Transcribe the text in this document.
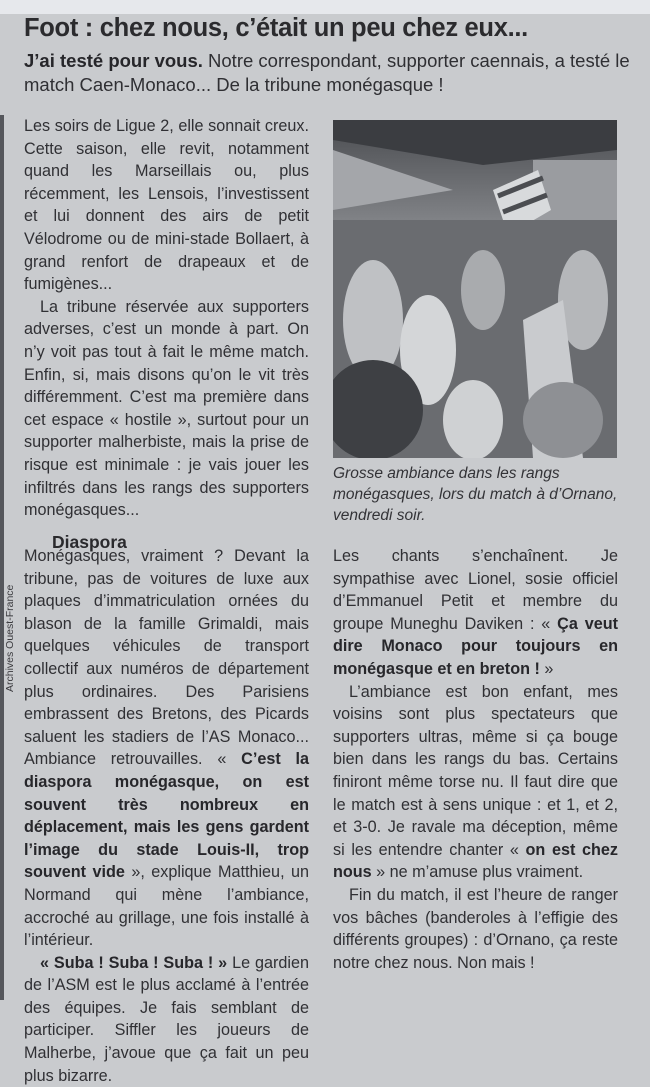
Foot : chez nous, c’était un peu chez eux...
J’ai testé pour vous. Notre correspondant, supporter caennais, a testé le match Caen-Monaco... De la tribune monégasque !

Les soirs de Ligue 2, elle sonnait creux. Cette saison, elle revit, notamment quand les Marseillais ou, plus récemment, les Lensois, l’investissent et lui donnent des airs de petit Vélodrome ou de mini-stade Bollaert, à grand renfort de drapeaux et de fumigènes...

La tribune réservée aux supporters adverses, c’est un monde à part. On n’y voit pas tout à fait le même match. Enfin, si, mais disons qu’on le vit très différemment. C’est ma première dans cet espace « hostile », surtout pour un supporter malherbiste, mais la prise de risque est minimale : je vais jouer les infiltrés dans les rangs des supporters monégasques...

Diaspora

Grosse ambiance dans les rangs monégasques, lors du match à d’Ornano, vendredi soir.
Archives Ouest-France

Monégasques, vraiment ? Devant la tribune, pas de voitures de luxe aux plaques d’immatriculation ornées du blason de la famille Grimaldi, mais quelques véhicules de transport collectif aux numéros de département plus ordinaires. Des Parisiens embrassent des Bretons, des Picards saluent les stadiers de l’AS Monaco... Ambiance retrouvailles. « C’est la diaspora monégasque, on est souvent très nombreux en déplacement, mais les gens gardent l’image du stade Louis-II, trop souvent vide », explique Matthieu, un Normand qui mène l’ambiance, accroché au grillage, une fois installé à l’intérieur.

« Suba ! Suba ! Suba ! » Le gardien de l’ASM est le plus acclamé à l’entrée des équipes. Je fais semblant de participer. Siffler les joueurs de Malherbe, j’avoue que ça fait un peu plus bizarre.

Les chants s’enchaînent. Je sympathise avec Lionel, sosie officiel d’Emmanuel Petit et membre du groupe Muneghu Daviken : « Ça veut dire Monaco pour toujours en monégasque et en breton ! »

L’ambiance est bon enfant, mes voisins sont plus spectateurs que supporters ultras, même si ça bouge bien dans les rangs du bas. Certains finiront même torse nu. Il faut dire que le match est à sens unique : et 1, et 2, et 3-0. Je ravale ma déception, même si les entendre chanter « on est chez nous » ne m’amuse plus vraiment.

Fin du match, il est l’heure de ranger vos bâches (banderoles à l’effigie des différents groupes) : d’Ornano, ça reste notre chez nous. Non mais !
